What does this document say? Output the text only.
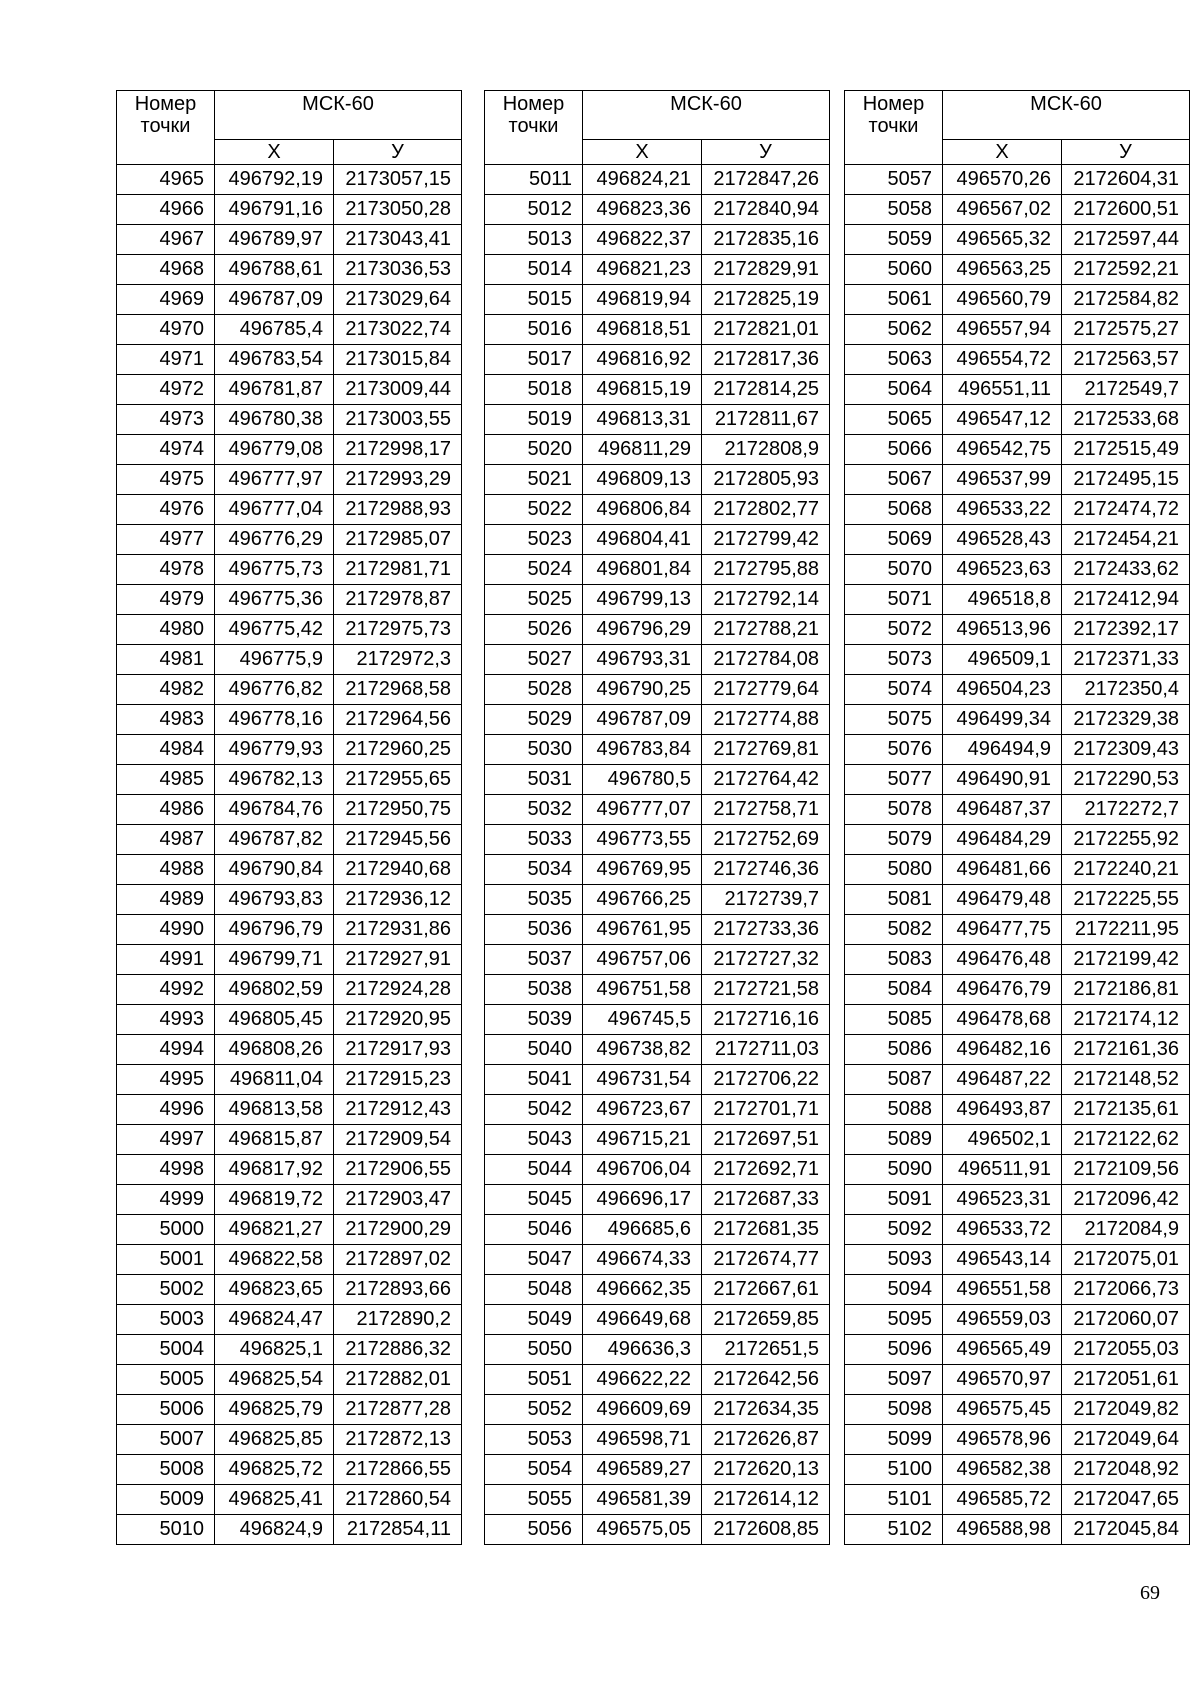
Номер
точки	МСК-60	
	Х	У
4965	496792,19	2173057,15
4966	496791,16	2173050,28
4967	496789,97	2173043,41
4968	496788,61	2173036,53
4969	496787,09	2173029,64
4970	496785,4	2173022,74
4971	496783,54	2173015,84
4972	496781,87	2173009,44
4973	496780,38	2173003,55
4974	496779,08	2172998,17
4975	496777,97	2172993,29
4976	496777,04	2172988,93
4977	496776,29	2172985,07
4978	496775,73	2172981,71
4979	496775,36	2172978,87
4980	496775,42	2172975,73
4981	496775,9	2172972,3
4982	496776,82	2172968,58
4983	496778,16	2172964,56
4984	496779,93	2172960,25
4985	496782,13	2172955,65
4986	496784,76	2172950,75
4987	496787,82	2172945,56
4988	496790,84	2172940,68
4989	496793,83	2172936,12
4990	496796,79	2172931,86
4991	496799,71	2172927,91
4992	496802,59	2172924,28
4993	496805,45	2172920,95
4994	496808,26	2172917,93
4995	496811,04	2172915,23
4996	496813,58	2172912,43
4997	496815,87	2172909,54
4998	496817,92	2172906,55
4999	496819,72	2172903,47
5000	496821,27	2172900,29
5001	496822,58	2172897,02
5002	496823,65	2172893,66
5003	496824,47	2172890,2
5004	496825,1	2172886,32
5005	496825,54	2172882,01
5006	496825,79	2172877,28
5007	496825,85	2172872,13
5008	496825,72	2172866,55
5009	496825,41	2172860,54
5010	496824,9	2172854,11
Номер
точки	МСК-60	
	Х	У
5011	496824,21	2172847,26
5012	496823,36	2172840,94
5013	496822,37	2172835,16
5014	496821,23	2172829,91
5015	496819,94	2172825,19
5016	496818,51	2172821,01
5017	496816,92	2172817,36
5018	496815,19	2172814,25
5019	496813,31	2172811,67
5020	496811,29	2172808,9
5021	496809,13	2172805,93
5022	496806,84	2172802,77
5023	496804,41	2172799,42
5024	496801,84	2172795,88
5025	496799,13	2172792,14
5026	496796,29	2172788,21
5027	496793,31	2172784,08
5028	496790,25	2172779,64
5029	496787,09	2172774,88
5030	496783,84	2172769,81
5031	496780,5	2172764,42
5032	496777,07	2172758,71
5033	496773,55	2172752,69
5034	496769,95	2172746,36
5035	496766,25	2172739,7
5036	496761,95	2172733,36
5037	496757,06	2172727,32
5038	496751,58	2172721,58
5039	496745,5	2172716,16
5040	496738,82	2172711,03
5041	496731,54	2172706,22
5042	496723,67	2172701,71
5043	496715,21	2172697,51
5044	496706,04	2172692,71
5045	496696,17	2172687,33
5046	496685,6	2172681,35
5047	496674,33	2172674,77
5048	496662,35	2172667,61
5049	496649,68	2172659,85
5050	496636,3	2172651,5
5051	496622,22	2172642,56
5052	496609,69	2172634,35
5053	496598,71	2172626,87
5054	496589,27	2172620,13
5055	496581,39	2172614,12
5056	496575,05	2172608,85
Номер
точки	МСК-60	
	Х	У
5057	496570,26	2172604,31
5058	496567,02	2172600,51
5059	496565,32	2172597,44
5060	496563,25	2172592,21
5061	496560,79	2172584,82
5062	496557,94	2172575,27
5063	496554,72	2172563,57
5064	496551,11	2172549,7
5065	496547,12	2172533,68
5066	496542,75	2172515,49
5067	496537,99	2172495,15
5068	496533,22	2172474,72
5069	496528,43	2172454,21
5070	496523,63	2172433,62
5071	496518,8	2172412,94
5072	496513,96	2172392,17
5073	496509,1	2172371,33
5074	496504,23	2172350,4
5075	496499,34	2172329,38
5076	496494,9	2172309,43
5077	496490,91	2172290,53
5078	496487,37	2172272,7
5079	496484,29	2172255,92
5080	496481,66	2172240,21
5081	496479,48	2172225,55
5082	496477,75	2172211,95
5083	496476,48	2172199,42
5084	496476,79	2172186,81
5085	496478,68	2172174,12
5086	496482,16	2172161,36
5087	496487,22	2172148,52
5088	496493,87	2172135,61
5089	496502,1	2172122,62
5090	496511,91	2172109,56
5091	496523,31	2172096,42
5092	496533,72	2172084,9
5093	496543,14	2172075,01
5094	496551,58	2172066,73
5095	496559,03	2172060,07
5096	496565,49	2172055,03
5097	496570,97	2172051,61
5098	496575,45	2172049,82
5099	496578,96	2172049,64
5100	496582,38	2172048,92
5101	496585,72	2172047,65
5102	496588,98	2172045,84
69
